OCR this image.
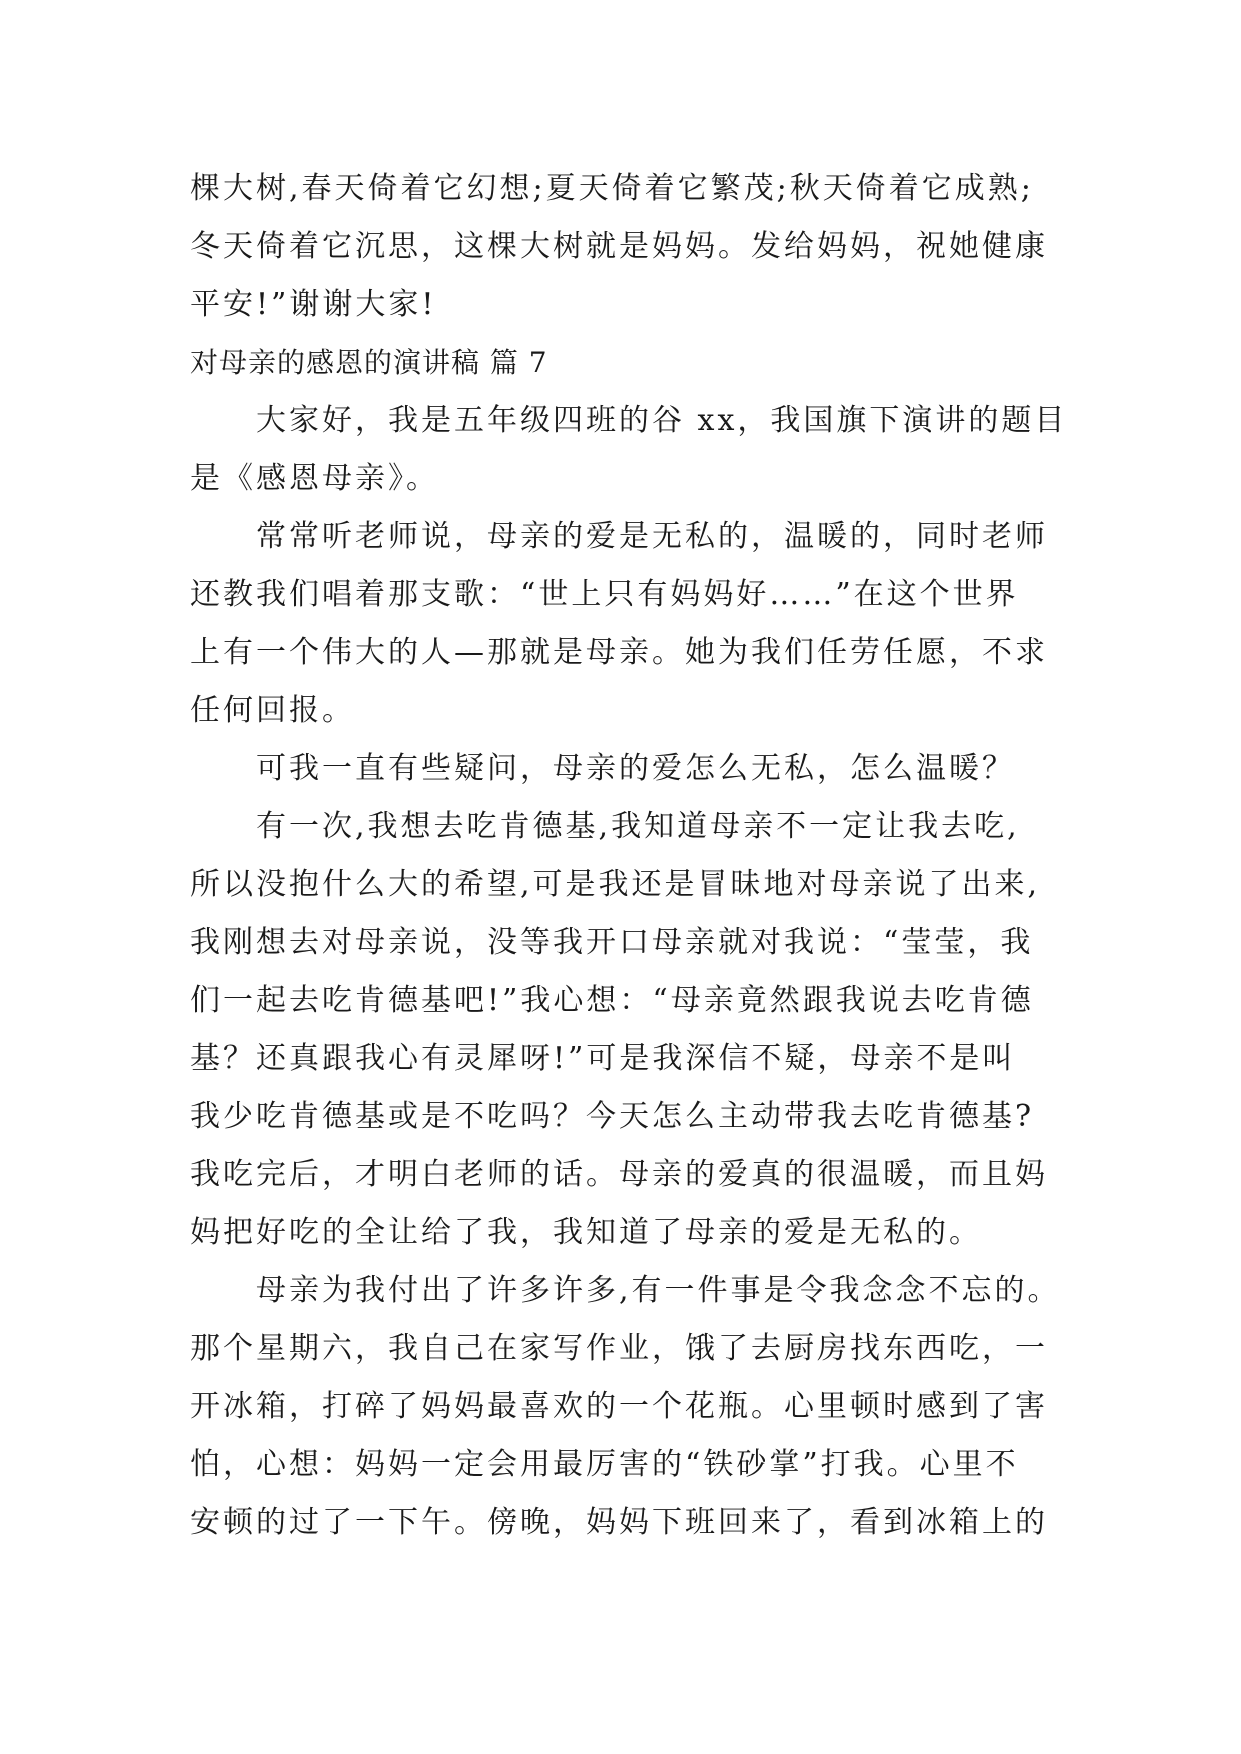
棵大树,春天倚着它幻想;夏天倚着它繁茂;秋天倚着它成熟;
冬天倚着它沉思，这棵大树就是妈妈。发给妈妈，祝她健康
平安!”谢谢大家!
对母亲的感恩的演讲稿 篇 7
大家好，我是五年级四班的谷 xx，我国旗下演讲的题目
是《感恩母亲》。
常常听老师说，母亲的爱是无私的，温暖的，同时老师
还教我们唱着那支歌：“世上只有妈妈好……”在这个世界
上有一个伟大的人—那就是母亲。她为我们任劳任愿，不求
任何回报。
可我一直有些疑问，母亲的爱怎么无私，怎么温暖？
有一次,我想去吃肯德基,我知道母亲不一定让我去吃,
所以没抱什么大的希望,可是我还是冒昧地对母亲说了出来,
我刚想去对母亲说，没等我开口母亲就对我说：“莹莹，我
们一起去吃肯德基吧!”我心想：“母亲竟然跟我说去吃肯德
基？还真跟我心有灵犀呀!”可是我深信不疑，母亲不是叫
我少吃肯德基或是不吃吗？今天怎么主动带我去吃肯德基?
我吃完后，才明白老师的话。母亲的爱真的很温暖，而且妈
妈把好吃的全让给了我，我知道了母亲的爱是无私的。
母亲为我付出了许多许多,有一件事是令我念念不忘的。
那个星期六，我自己在家写作业，饿了去厨房找东西吃，一
开冰箱，打碎了妈妈最喜欢的一个花瓶。心里顿时感到了害
怕，心想：妈妈一定会用最厉害的“铁砂掌”打我。心里不
安顿的过了一下午。傍晚，妈妈下班回来了，看到冰箱上的
